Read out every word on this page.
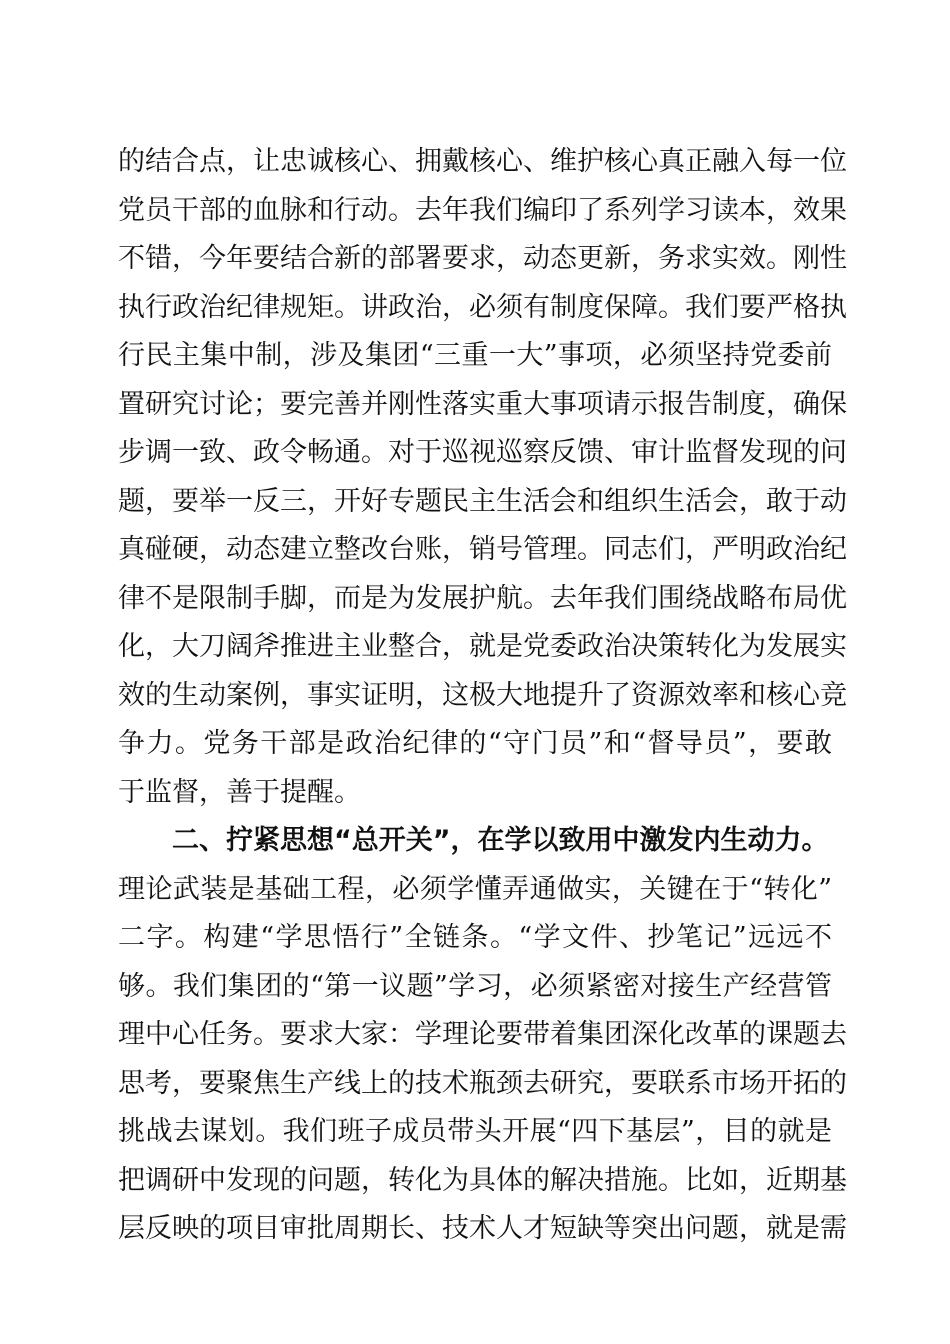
的结合点，让忠诚核心、拥戴核心、维护核心真正融入每一位
党员干部的血脉和行动。去年我们编印了系列学习读本，效果
不错，今年要结合新的部署要求，动态更新，务求实效。刚性
执行政治纪律规矩。讲政治，必须有制度保障。我们要严格执
行民主集中制，涉及集团“三重一大”事项，必须坚持党委前
置研究讨论；要完善并刚性落实重大事项请示报告制度，确保
步调一致、政令畅通。对于巡视巡察反馈、审计监督发现的问
题，要举一反三，开好专题民主生活会和组织生活会，敢于动
真碰硬，动态建立整改台账，销号管理。同志们，严明政治纪
律不是限制手脚，而是为发展护航。去年我们围绕战略布局优
化，大刀阔斧推进主业整合，就是党委政治决策转化为发展实
效的生动案例，事实证明，这极大地提升了资源效率和核心竞
争力。党务干部是政治纪律的“守门员”和“督导员”，要敢
于监督，善于提醒。
二、拧紧思想“总开关”，在学以致用中激发内生动力。
理论武装是基础工程，必须学懂弄通做实，关键在于“转化”
二字。构建“学思悟行”全链条。“学文件、抄笔记”远远不
够。我们集团的“第一议题”学习，必须紧密对接生产经营管
理中心任务。要求大家：学理论要带着集团深化改革的课题去
思考，要聚焦生产线上的技术瓶颈去研究，要联系市场开拓的
挑战去谋划。我们班子成员带头开展“四下基层”，目的就是
把调研中发现的问题，转化为具体的解决措施。比如，近期基
层反映的项目审批周期长、技术人才短缺等突出问题，就是需
